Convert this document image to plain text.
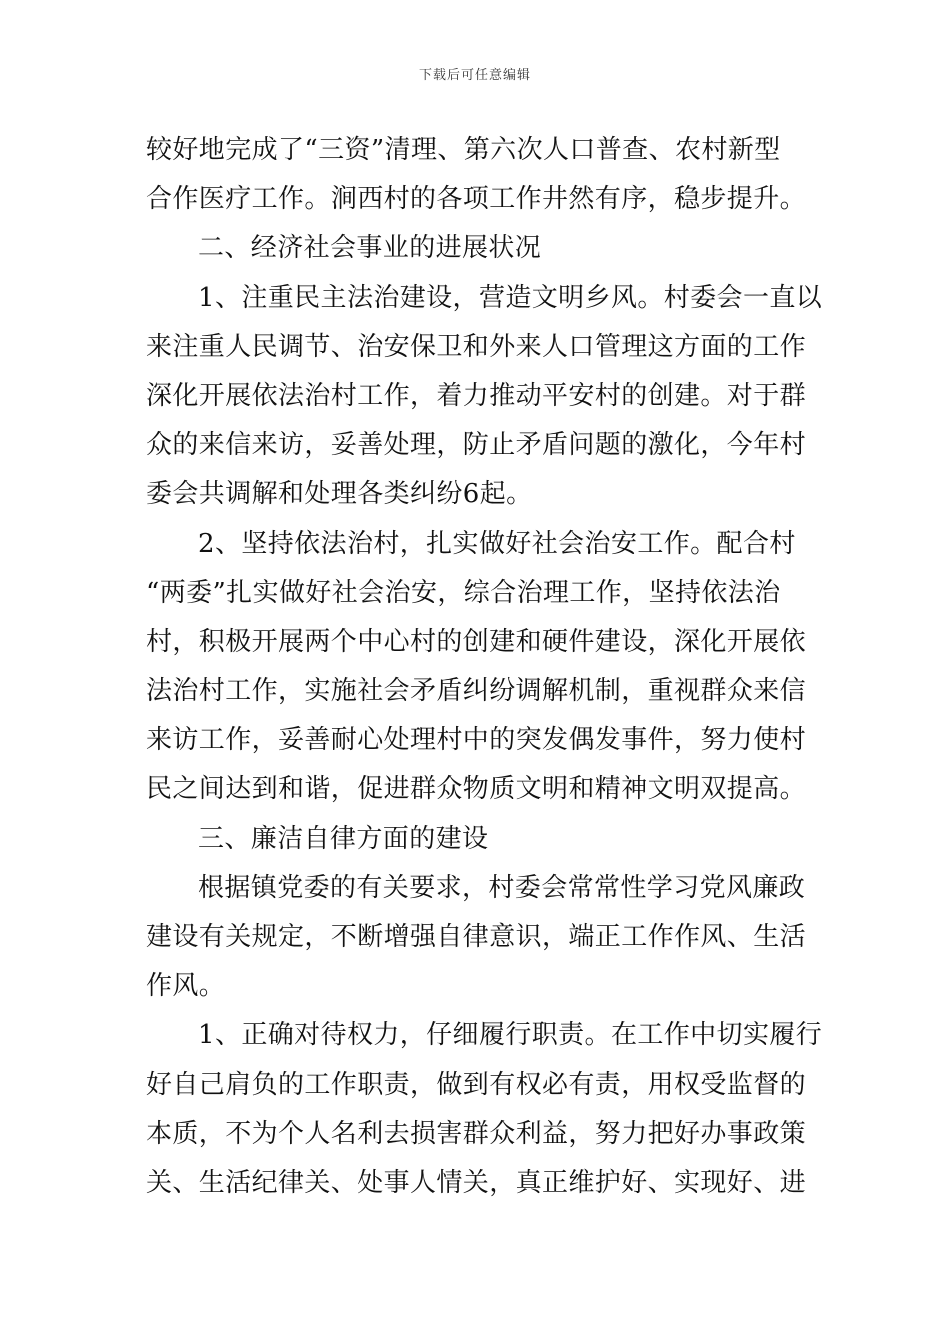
下载后可任意编辑
较好地完成了“三资”清理、第六次人口普查、农村新型
合作医疗工作。涧西村的各项工作井然有序，稳步提升。
二、经济社会事业的进展状况
1、注重民主法治建设，营造文明乡风。村委会一直以
来注重人民调节、治安保卫和外来人口管理这方面的工作
深化开展依法治村工作，着力推动平安村的创建。对于群
众的来信来访，妥善处理，防止矛盾问题的激化，今年村
委会共调解和处理各类纠纷6起。
2、坚持依法治村，扎实做好社会治安工作。配合村
“两委”扎实做好社会治安，综合治理工作，坚持依法治
村，积极开展两个中心村的创建和硬件建设，深化开展依
法治村工作，实施社会矛盾纠纷调解机制，重视群众来信
来访工作，妥善耐心处理村中的突发偶发事件，努力使村
民之间达到和谐，促进群众物质文明和精神文明双提高。
三、廉洁自律方面的建设
根据镇党委的有关要求，村委会常常性学习党风廉政
建设有关规定，不断增强自律意识，端正工作作风、生活
作风。
1、正确对待权力，仔细履行职责。在工作中切实履行
好自己肩负的工作职责，做到有权必有责，用权受监督的
本质，不为个人名利去损害群众利益，努力把好办事政策
关、生活纪律关、处事人情关，真正维护好、实现好、进
